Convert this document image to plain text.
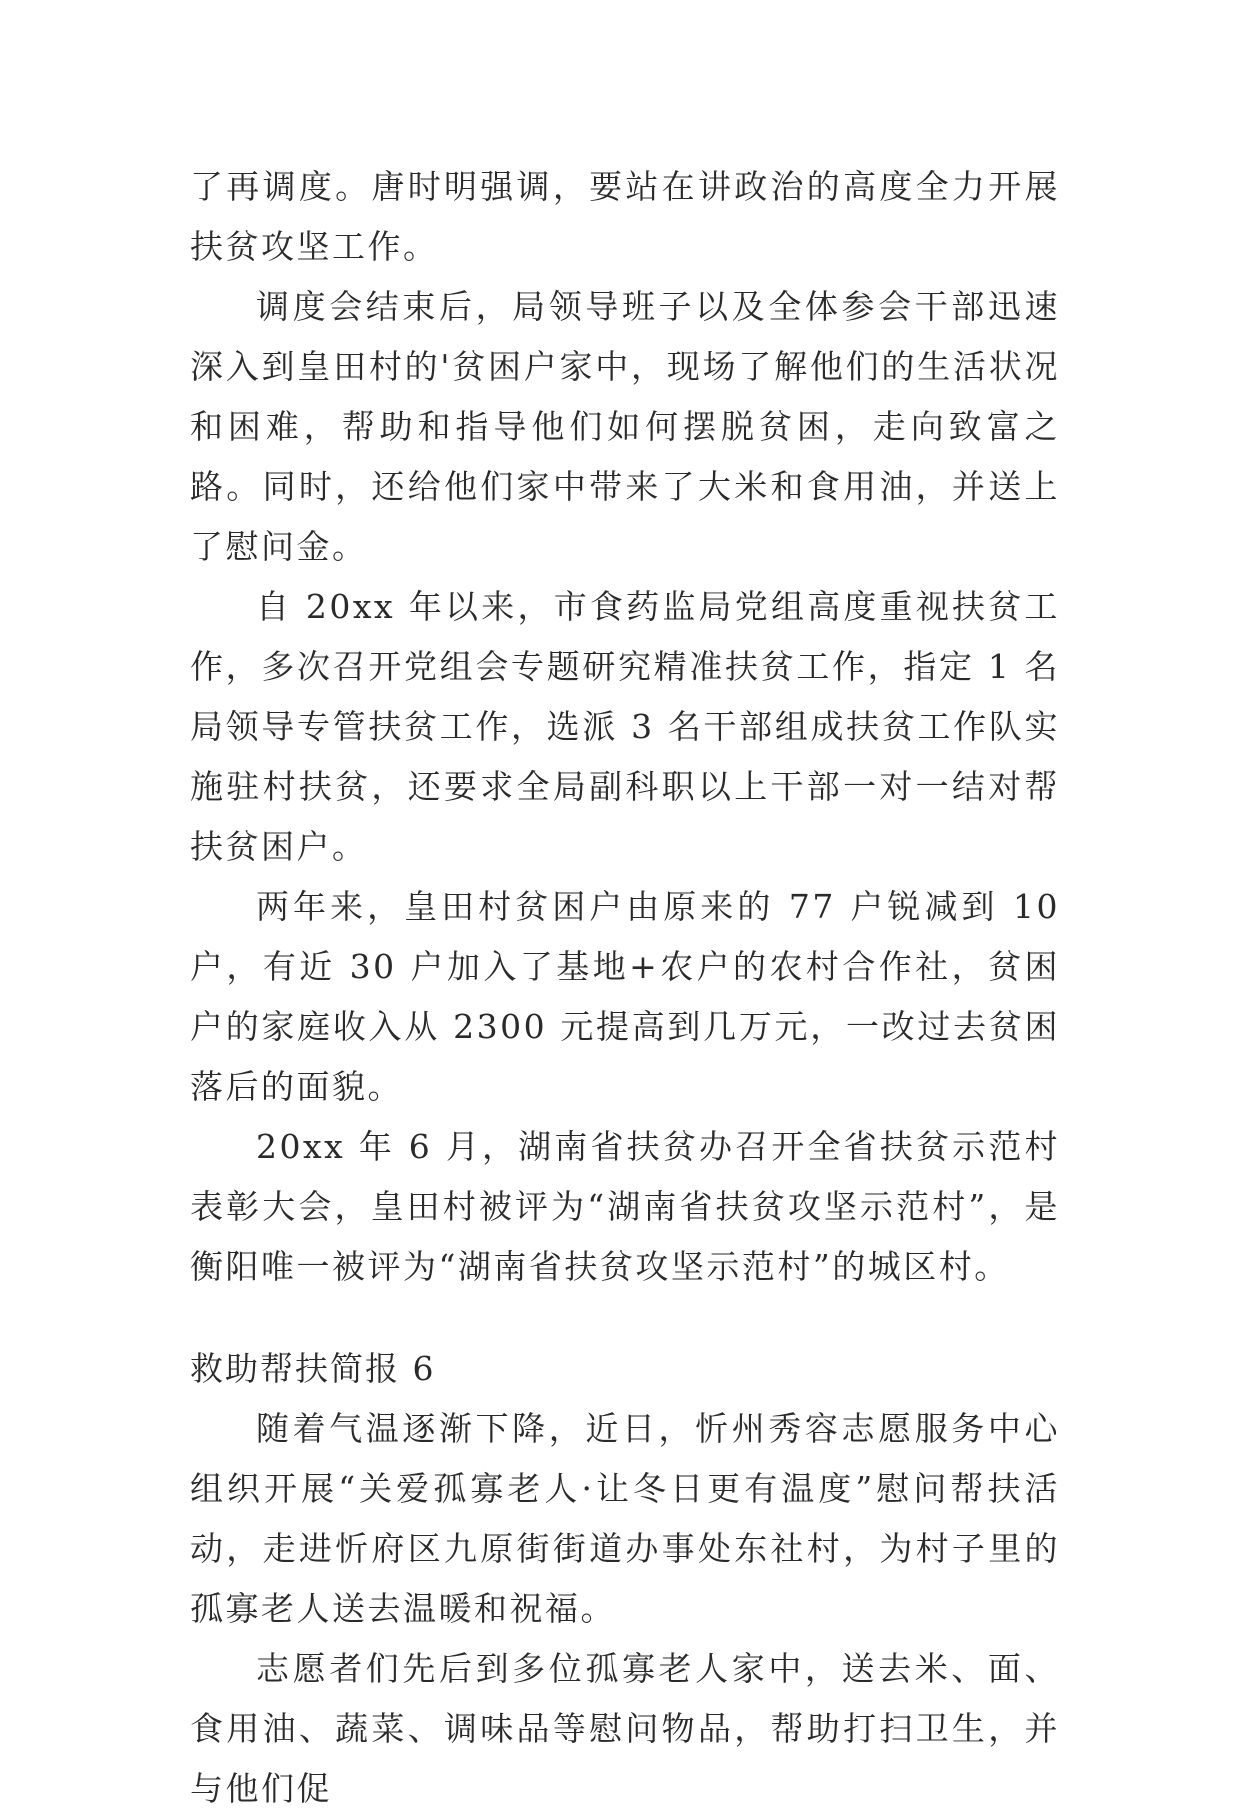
了再调度。唐时明强调，要站在讲政治的高度全力开展扶贫攻坚工作。

调度会结束后，局领导班子以及全体参会干部迅速深入到皇田村的'贫困户家中，现场了解他们的生活状况和困难，帮助和指导他们如何摆脱贫困，走向致富之路。同时，还给他们家中带来了大米和食用油，并送上了慰问金。

自 20xx 年以来，市食药监局党组高度重视扶贫工作，多次召开党组会专题研究精准扶贫工作，指定 1 名局领导专管扶贫工作，选派 3 名干部组成扶贫工作队实施驻村扶贫，还要求全局副科职以上干部一对一结对帮扶贫困户。

两年来，皇田村贫困户由原来的 77 户锐减到 10 户，有近 30 户加入了基地+农户的农村合作社，贫困户的家庭收入从 2300 元提高到几万元，一改过去贫困落后的面貌。

20xx 年 6 月，湖南省扶贫办召开全省扶贫示范村表彰大会，皇田村被评为“湖南省扶贫攻坚示范村”，是衡阳唯一被评为“湖南省扶贫攻坚示范村”的城区村。

救助帮扶简报 6

随着气温逐渐下降，近日，忻州秀容志愿服务中心组织开展“关爱孤寡老人·让冬日更有温度”慰问帮扶活动，走进忻府区九原街街道办事处东社村，为村子里的孤寡老人送去温暖和祝福。

志愿者们先后到多位孤寡老人家中，送去米、面、食用油、蔬菜、调味品等慰问物品，帮助打扫卫生，并与他们促
